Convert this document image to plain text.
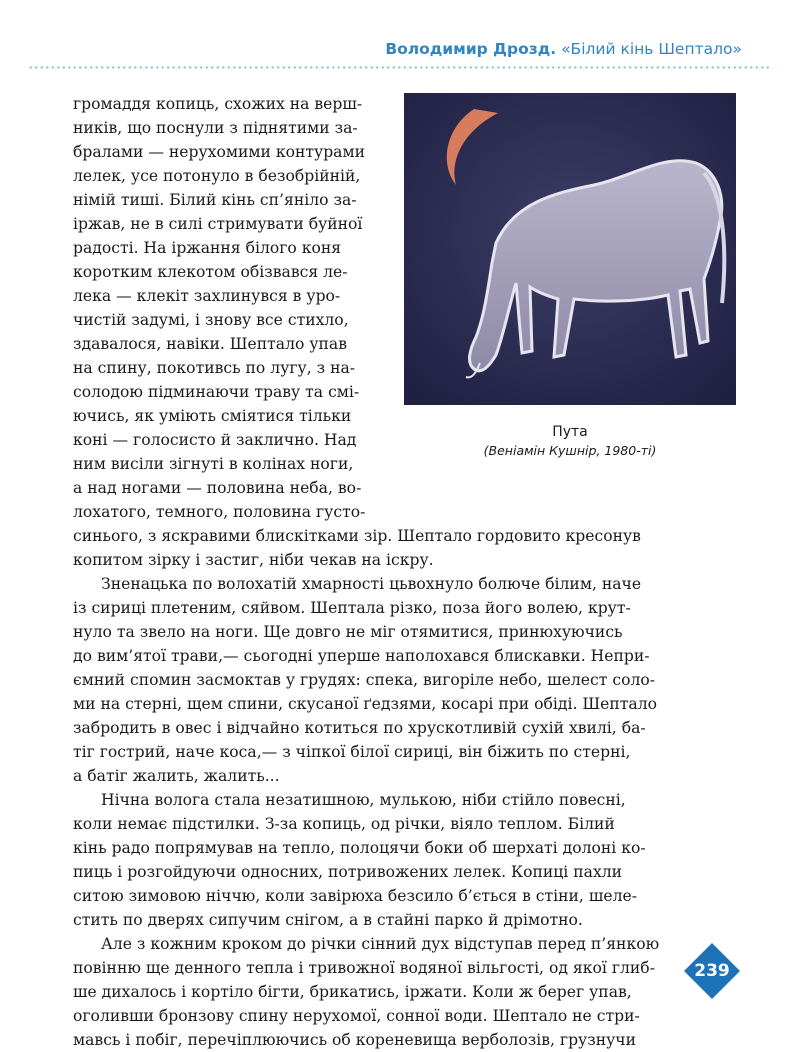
Володимир Дрозд. «Білий кінь Шептало»
громаддя копиць, схожих на верш-
ників, що поснули з піднятими за-
бралами — нерухомими контурами
лелек, усе потонуло в безобрійній,
німій тиші. Білий кінь сп’яніло за-
іржав, не в силі стримувати буйної
радості. На іржання білого коня
коротким клекотом обізвався ле-
лека — клекіт захлинувся в уро-
чистій задумі, і знову все стихло,
здавалося, навіки. Шептало упав
на спину, покотивсь по лугу, з на-
солодою підминаючи траву та смі-
ючись, як уміють сміятися тільки
коні — голосисто й заклично. Над
ним висіли зігнуті в колінах ноги,
а над ногами — половина неба, во-
лохатого, темного, половина густо-
синього, з яскравими блискітками зір. Шептало гордовито кресонув
копитом зірку і застиг, ніби чекав на іскру.
Зненацька по волохатій хмарності цьвохнуло болюче білим, наче
із сириці плетеним, сяйвом. Шептала різко, поза його волею, крут-
нуло та звело на ноги. Ще довго не міг отямитися, принюхуючись
до вим’ятої трави,— сьогодні уперше наполохався блискавки. Непри-
ємний спомин засмоктав у грудях: спека, вигоріле небо, шелест соло-
ми на стерні, щем спини, скусаної ґедзями, косарі при обіді. Шептало
забродить в овес і відчайно котиться по хрускотливій сухій хвилі, ба-
тіг гострий, наче коса,— з чіпкої білої сириці, він біжить по стерні,
а батіг жалить, жалить...
Нічна волога стала незатишною, мулькою, ніби стійло повесні,
коли немає підстилки. З-за копиць, од річки, віяло теплом. Білий
кінь радо попрямував на тепло, полоцячи боки об шерхаті долоні ко-
пиць і розгойдуючи односних, потривожених лелек. Копиці пахли
ситою зимовою ніччю, коли завірюха безсило б’ється в стіни, шеле-
стить по дверях сипучим снігом, а в стайні парко й дрімотно.
Але з кожним кроком до річки сінний дух відступав перед п’янкою
повінню ще денного тепла і тривожної водяної вільгості, од якої глиб-
ше дихалось і кортіло бігти, брикатись, іржати. Коли ж берег упав,
оголивши бронзову спину нерухомої, сонної води. Шептало не стри-
мавсь і побіг, перечіплюючись об кореневища верболозів, грузнучи
Пута
(Веніамін Кушнір, 1980-ті)
239
